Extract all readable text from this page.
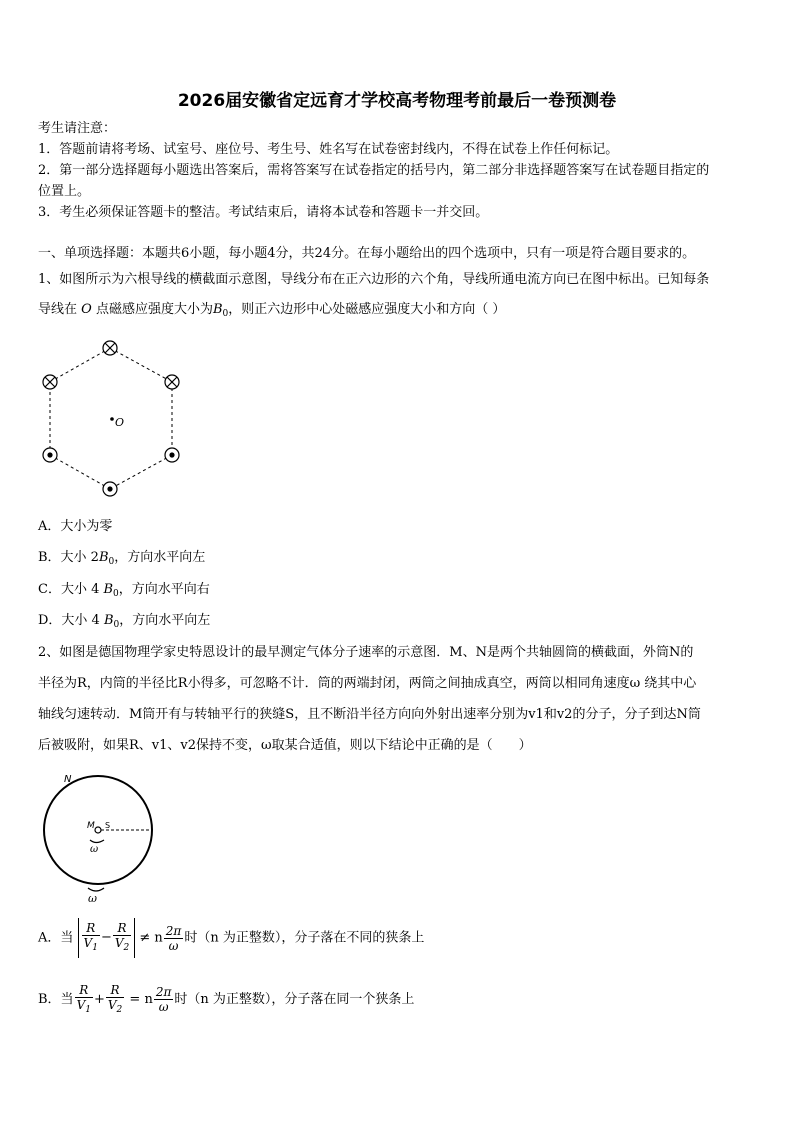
2026届安徽省定远育才学校高考物理考前最后一卷预测卷
考生请注意：
1．答题前请将考场、试室号、座位号、考生号、姓名写在试卷密封线内，不得在试卷上作任何标记。
2．第一部分选择题每小题选出答案后，需将答案写在试卷指定的括号内，第二部分非选择题答案写在试卷题目指定的
位置上。
3．考生必须保证答题卡的整洁。考试结束后，请将本试卷和答题卡一并交回。
一、单项选择题：本题共6小题，每小题4分，共24分。在每小题给出的四个选项中，只有一项是符合题目要求的。
1、如图所示为六根导线的横截面示意图，导线分布在正六边形的六个角，导线所通电流方向已在图中标出。已知每条
导线在 O 点磁感应强度大小为$B_0$，则正六边形中心处磁感应强度大小和方向（ ）
O
A．大小为零
B．大小 $2B_0$，方向水平向左
C．大小 4 $B_0$，方向水平向右
D．大小 4 $B_0$，方向水平向左
2、如图是德国物理学家史特恩设计的最早测定气体分子速率的示意图．M、N是两个共轴圆筒的横截面，外筒N的
半径为R，内筒的半径比R小得多，可忽略不计．筒的两端封闭，两筒之间抽成真空，两筒以相同角速度ω 绕其中心
轴线匀速转动．M筒开有与转轴平行的狭缝S，且不断沿半径方向向外射出速率分别为v1和v2的分子，分子到达N筒
后被吸附，如果R、v1、v2保持不变，ω取某合适值，则以下结论中正确的是（　　）
N
M S
ω
ω
A．当 $\frac{R}{V_1} - \frac{R}{V_2} \ne n \frac{2\pi}{\omega}$ 时（n 为正整数），分子落在不同的狭条上
B．当 $\frac{R}{V_1} + \frac{R}{V_2} = n \frac{2\pi}{\omega}$ 时（n 为正整数），分子落在同一个狭条上
